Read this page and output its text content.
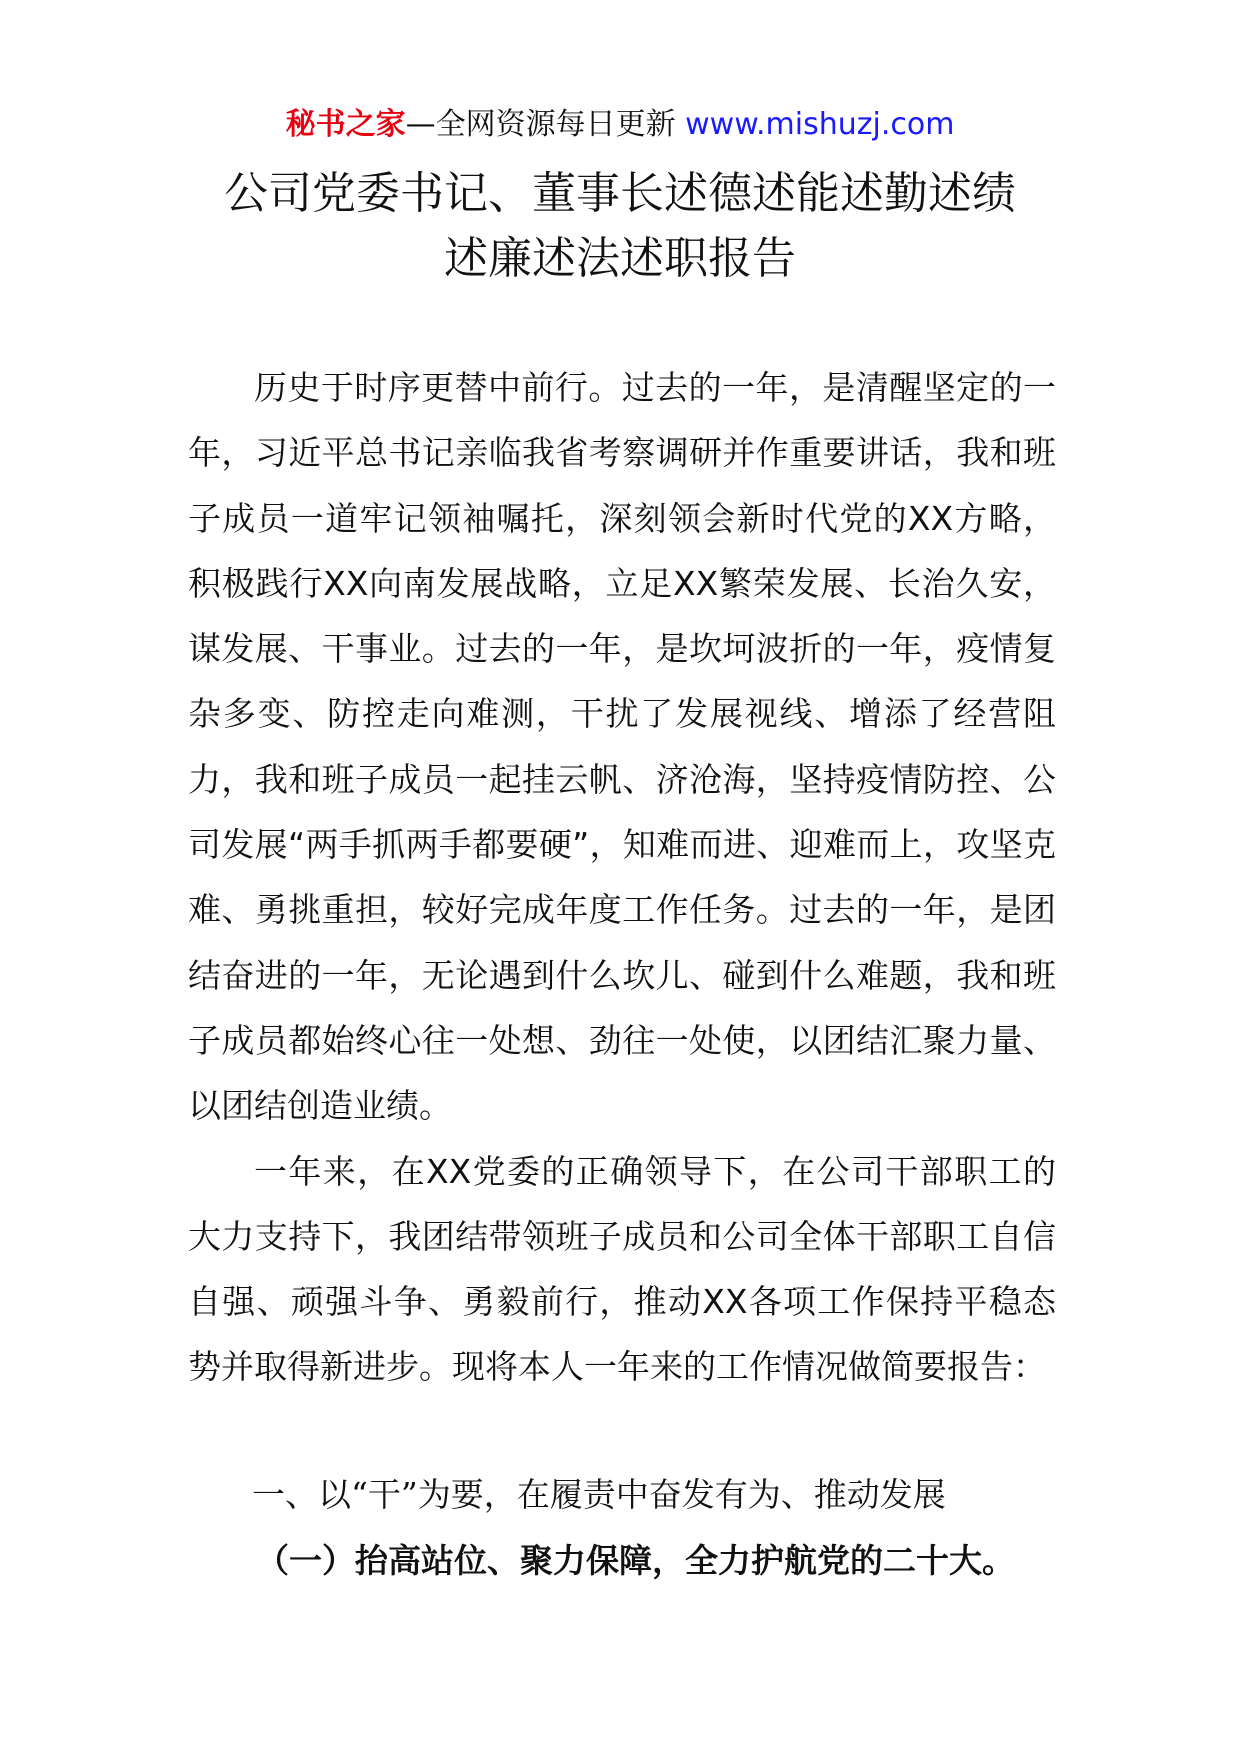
秘书之家—全网资源每日更新 www.mishuzj.com
公司党委书记、董事长述德述能述勤述绩
述廉述法述职报告

历史于时序更替中前行。过去的一年，是清醒坚定的一年，习近平总书记亲临我省考察调研并作重要讲话，我和班子成员一道牢记领袖嘱托，深刻领会新时代党的XX方略，积极践行XX向南发展战略，立足XX繁荣发展、长治久安，谋发展、干事业。过去的一年，是坎坷波折的一年，疫情复杂多变、防控走向难测，干扰了发展视线、增添了经营阻力，我和班子成员一起挂云帆、济沧海，坚持疫情防控、公司发展“两手抓两手都要硬”，知难而进、迎难而上，攻坚克难、勇挑重担，较好完成年度工作任务。过去的一年，是团结奋进的一年，无论遇到什么坎儿、碰到什么难题，我和班子成员都始终心往一处想、劲往一处使，以团结汇聚力量、以团结创造业绩。

一年来，在XX党委的正确领导下，在公司干部职工的大力支持下，我团结带领班子成员和公司全体干部职工自信自强、顽强斗争、勇毅前行，推动XX各项工作保持平稳态势并取得新进步。现将本人一年来的工作情况做简要报告：

一、以“干”为要，在履责中奋发有为、推动发展
（一）抬高站位、聚力保障，全力护航党的二十大。
